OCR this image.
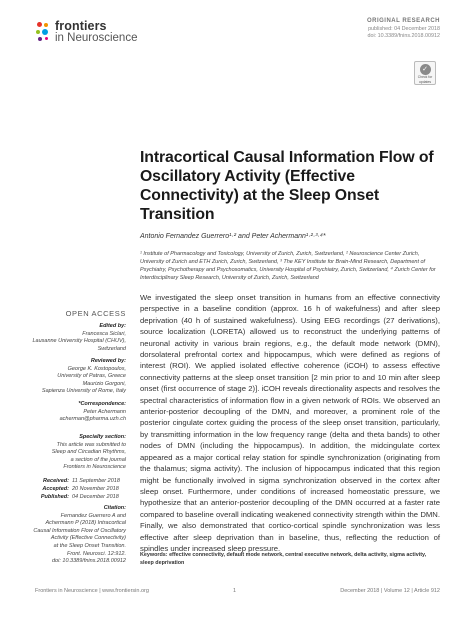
frontiers
in Neuroscience
ORIGINAL RESEARCH
published: 04 December 2018
doi: 10.3389/fnins.2018.00912
✓
Check for
updates
Intracortical Causal Information Flow of Oscillatory Activity (Effective Connectivity) at the Sleep Onset Transition
Antonio Fernandez Guerrero¹·² and Peter Achermann¹·²·³·⁴*
¹ Institute of Pharmacology and Toxicology, University of Zurich, Zurich, Switzerland, ² Neuroscience Center Zurich, University of Zurich and ETH Zurich, Zurich, Switzerland, ³ The KEY Institute for Brain-Mind Research, Department of Psychiatry, Psychotherapy and Psychosomatics, University Hospital of Psychiatry, Zurich, Switzerland, ⁴ Zurich Center for Interdisciplinary Sleep Research, University of Zurich, Zurich, Switzerland
OPEN ACCESS
Edited by:
Francesca Siclari,
Lausanne University Hospital (CHUV),
Switzerland
Reviewed by:
George K. Kostopoulos,
University of Patras, Greece
Maurizio Gorgoni,
Sapienza University of Rome, Italy
*Correspondence:
Peter Achermann
acherman@pharma.uzh.ch
Specialty section:
This article was submitted to
Sleep and Circadian Rhythms,
a section of the journal
Frontiers in Neuroscience
Received: 11 September 2018
Accepted: 20 November 2018
Published: 04 December 2018
Citation:
Fernandez Guerrero A and
Achermann P (2018) Intracortical
Causal Information Flow of Oscillatory
Activity (Effective Connectivity)
at the Sleep Onset Transition.
Front. Neurosci. 12:912.
doi: 10.3389/fnins.2018.00912

We investigated the sleep onset transition in humans from an effective connectivity perspective in a baseline condition (approx. 16 h of wakefulness) and after sleep deprivation (40 h of sustained wakefulness). Using EEG recordings (27 derivations), source localization (LORETA) allowed us to reconstruct the underlying patterns of neuronal activity in various brain regions, e.g., the default mode network (DMN), dorsolateral prefrontal cortex and hippocampus, which were defined as regions of interest (ROI). We applied isolated effective coherence (iCOH) to assess effective connectivity patterns at the sleep onset transition [2 min prior to and 10 min after sleep onset (first occurrence of stage 2)]. iCOH reveals directionality aspects and resolves the spectral characteristics of information flow in a given network of ROIs. We observed an anterior-posterior decoupling of the DMN, and moreover, a prominent role of the posterior cingulate cortex guiding the process of the sleep onset transition, particularly, by transmitting information in the low frequency range (delta and theta bands) to other nodes of DMN (including the hippocampus). In addition, the midcingulate cortex appeared as a major cortical relay station for spindle synchronization (originating from the thalamus; sigma activity). The inclusion of hippocampus indicated that this region might be functionally involved in sigma synchronization observed in the cortex after sleep onset. Furthermore, under conditions of increased homeostatic pressure, we hypothesize that an anterior-posterior decoupling of the DMN occurred at a faster rate compared to baseline overall indicating weakened connectivity strength within the DMN. Finally, we also demonstrated that cortico-cortical spindle synchronization was less effective after sleep deprivation than in baseline, thus, reflecting the reduction of spindles under increased sleep pressure.

Keywords: effective connectivity, default mode network, central executive network, delta activity, sigma activity, sleep deprivation
Frontiers in Neuroscience | www.frontiersin.org	1	December 2018 | Volume 12 | Article 912
